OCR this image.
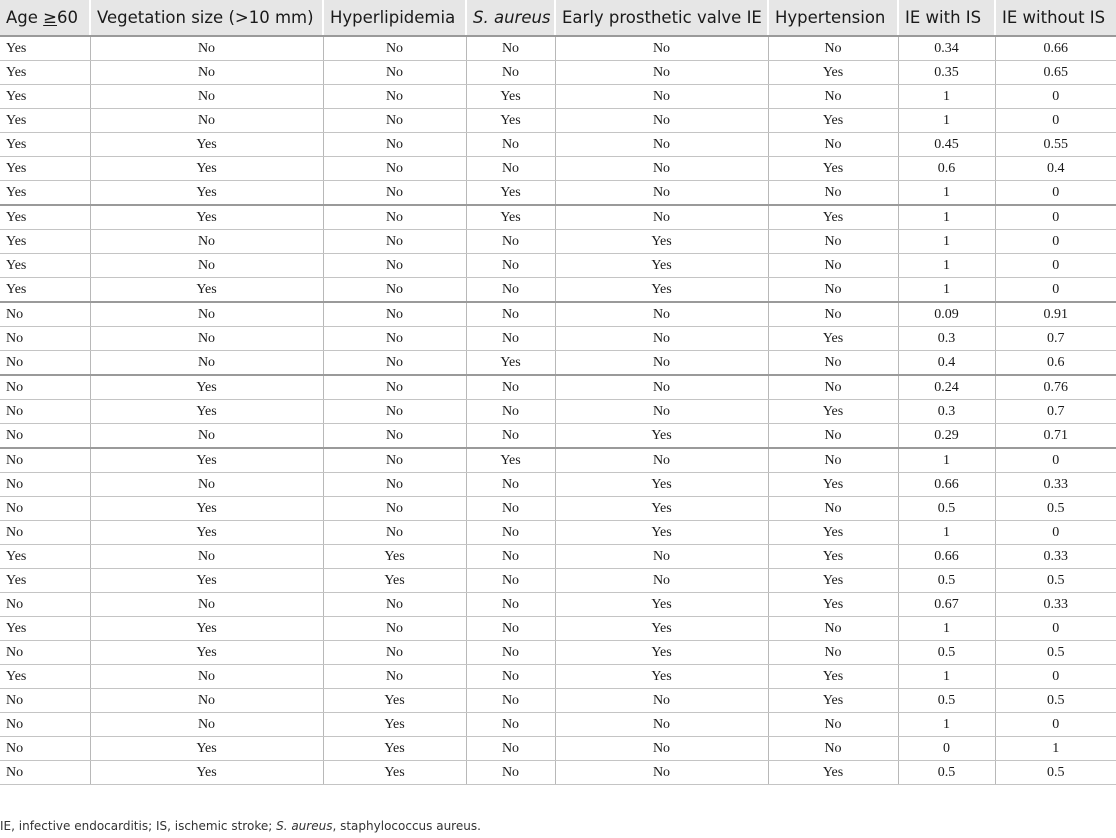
Age ≥60	Vegetation size (>10 mm)	Hyperlipidemia	S. aureus	Early prosthetic valve IE	Hypertension	IE with IS	IE without IS
Yes	No	No	No	No	No	0.34	0.66
Yes	No	No	No	No	Yes	0.35	0.65
Yes	No	No	Yes	No	No	1	0
Yes	No	No	Yes	No	Yes	1	0
Yes	Yes	No	No	No	No	0.45	0.55
Yes	Yes	No	No	No	Yes	0.6	0.4
Yes	Yes	No	Yes	No	No	1	0
Yes	Yes	No	Yes	No	Yes	1	0
Yes	No	No	No	Yes	No	1	0
Yes	No	No	No	Yes	No	1	0
Yes	Yes	No	No	Yes	No	1	0
No	No	No	No	No	No	0.09	0.91
No	No	No	No	No	Yes	0.3	0.7
No	No	No	Yes	No	No	0.4	0.6
No	Yes	No	No	No	No	0.24	0.76
No	Yes	No	No	No	Yes	0.3	0.7
No	No	No	No	Yes	No	0.29	0.71
No	Yes	No	Yes	No	No	1	0
No	No	No	No	Yes	Yes	0.66	0.33
No	Yes	No	No	Yes	No	0.5	0.5
No	Yes	No	No	Yes	Yes	1	0
Yes	No	Yes	No	No	Yes	0.66	0.33
Yes	Yes	Yes	No	No	Yes	0.5	0.5
No	No	No	No	Yes	Yes	0.67	0.33
Yes	Yes	No	No	Yes	No	1	0
No	Yes	No	No	Yes	No	0.5	0.5
Yes	No	No	No	Yes	Yes	1	0
No	No	Yes	No	No	Yes	0.5	0.5
No	No	Yes	No	No	No	1	0
No	Yes	Yes	No	No	No	0	1
No	Yes	Yes	No	No	Yes	0.5	0.5
IE, infective endocarditis; IS, ischemic stroke; S. aureus, staphylococcus aureus.
